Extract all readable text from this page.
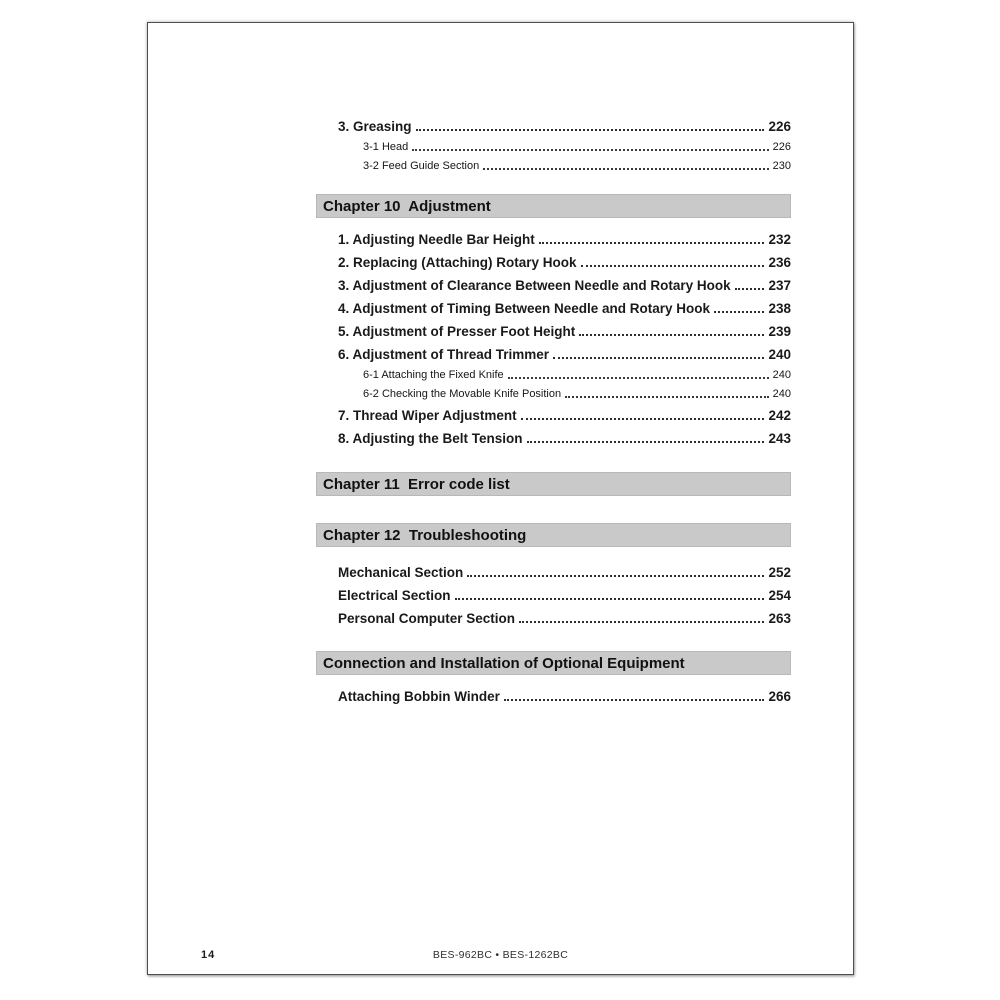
3. Greasing	226
3-1 Head	226
3-2 Feed Guide Section	230
Chapter 10  Adjustment
1. Adjusting Needle Bar Height	232
2. Replacing (Attaching) Rotary Hook	236
3. Adjustment of Clearance Between Needle and Rotary Hook	237
4. Adjustment of Timing Between Needle and Rotary Hook	238
5. Adjustment of Presser Foot Height	239
6. Adjustment of Thread Trimmer	240
6-1 Attaching the Fixed Knife	240
6-2 Checking the Movable Knife Position	240
7. Thread Wiper Adjustment	242
8. Adjusting the Belt Tension	243
Chapter 11  Error code list
Chapter 12  Troubleshooting
Mechanical Section	252
Electrical Section	254
Personal Computer Section	263
Connection and Installation of Optional Equipment
Attaching Bobbin Winder	266
14	BES-962BC • BES-1262BC
